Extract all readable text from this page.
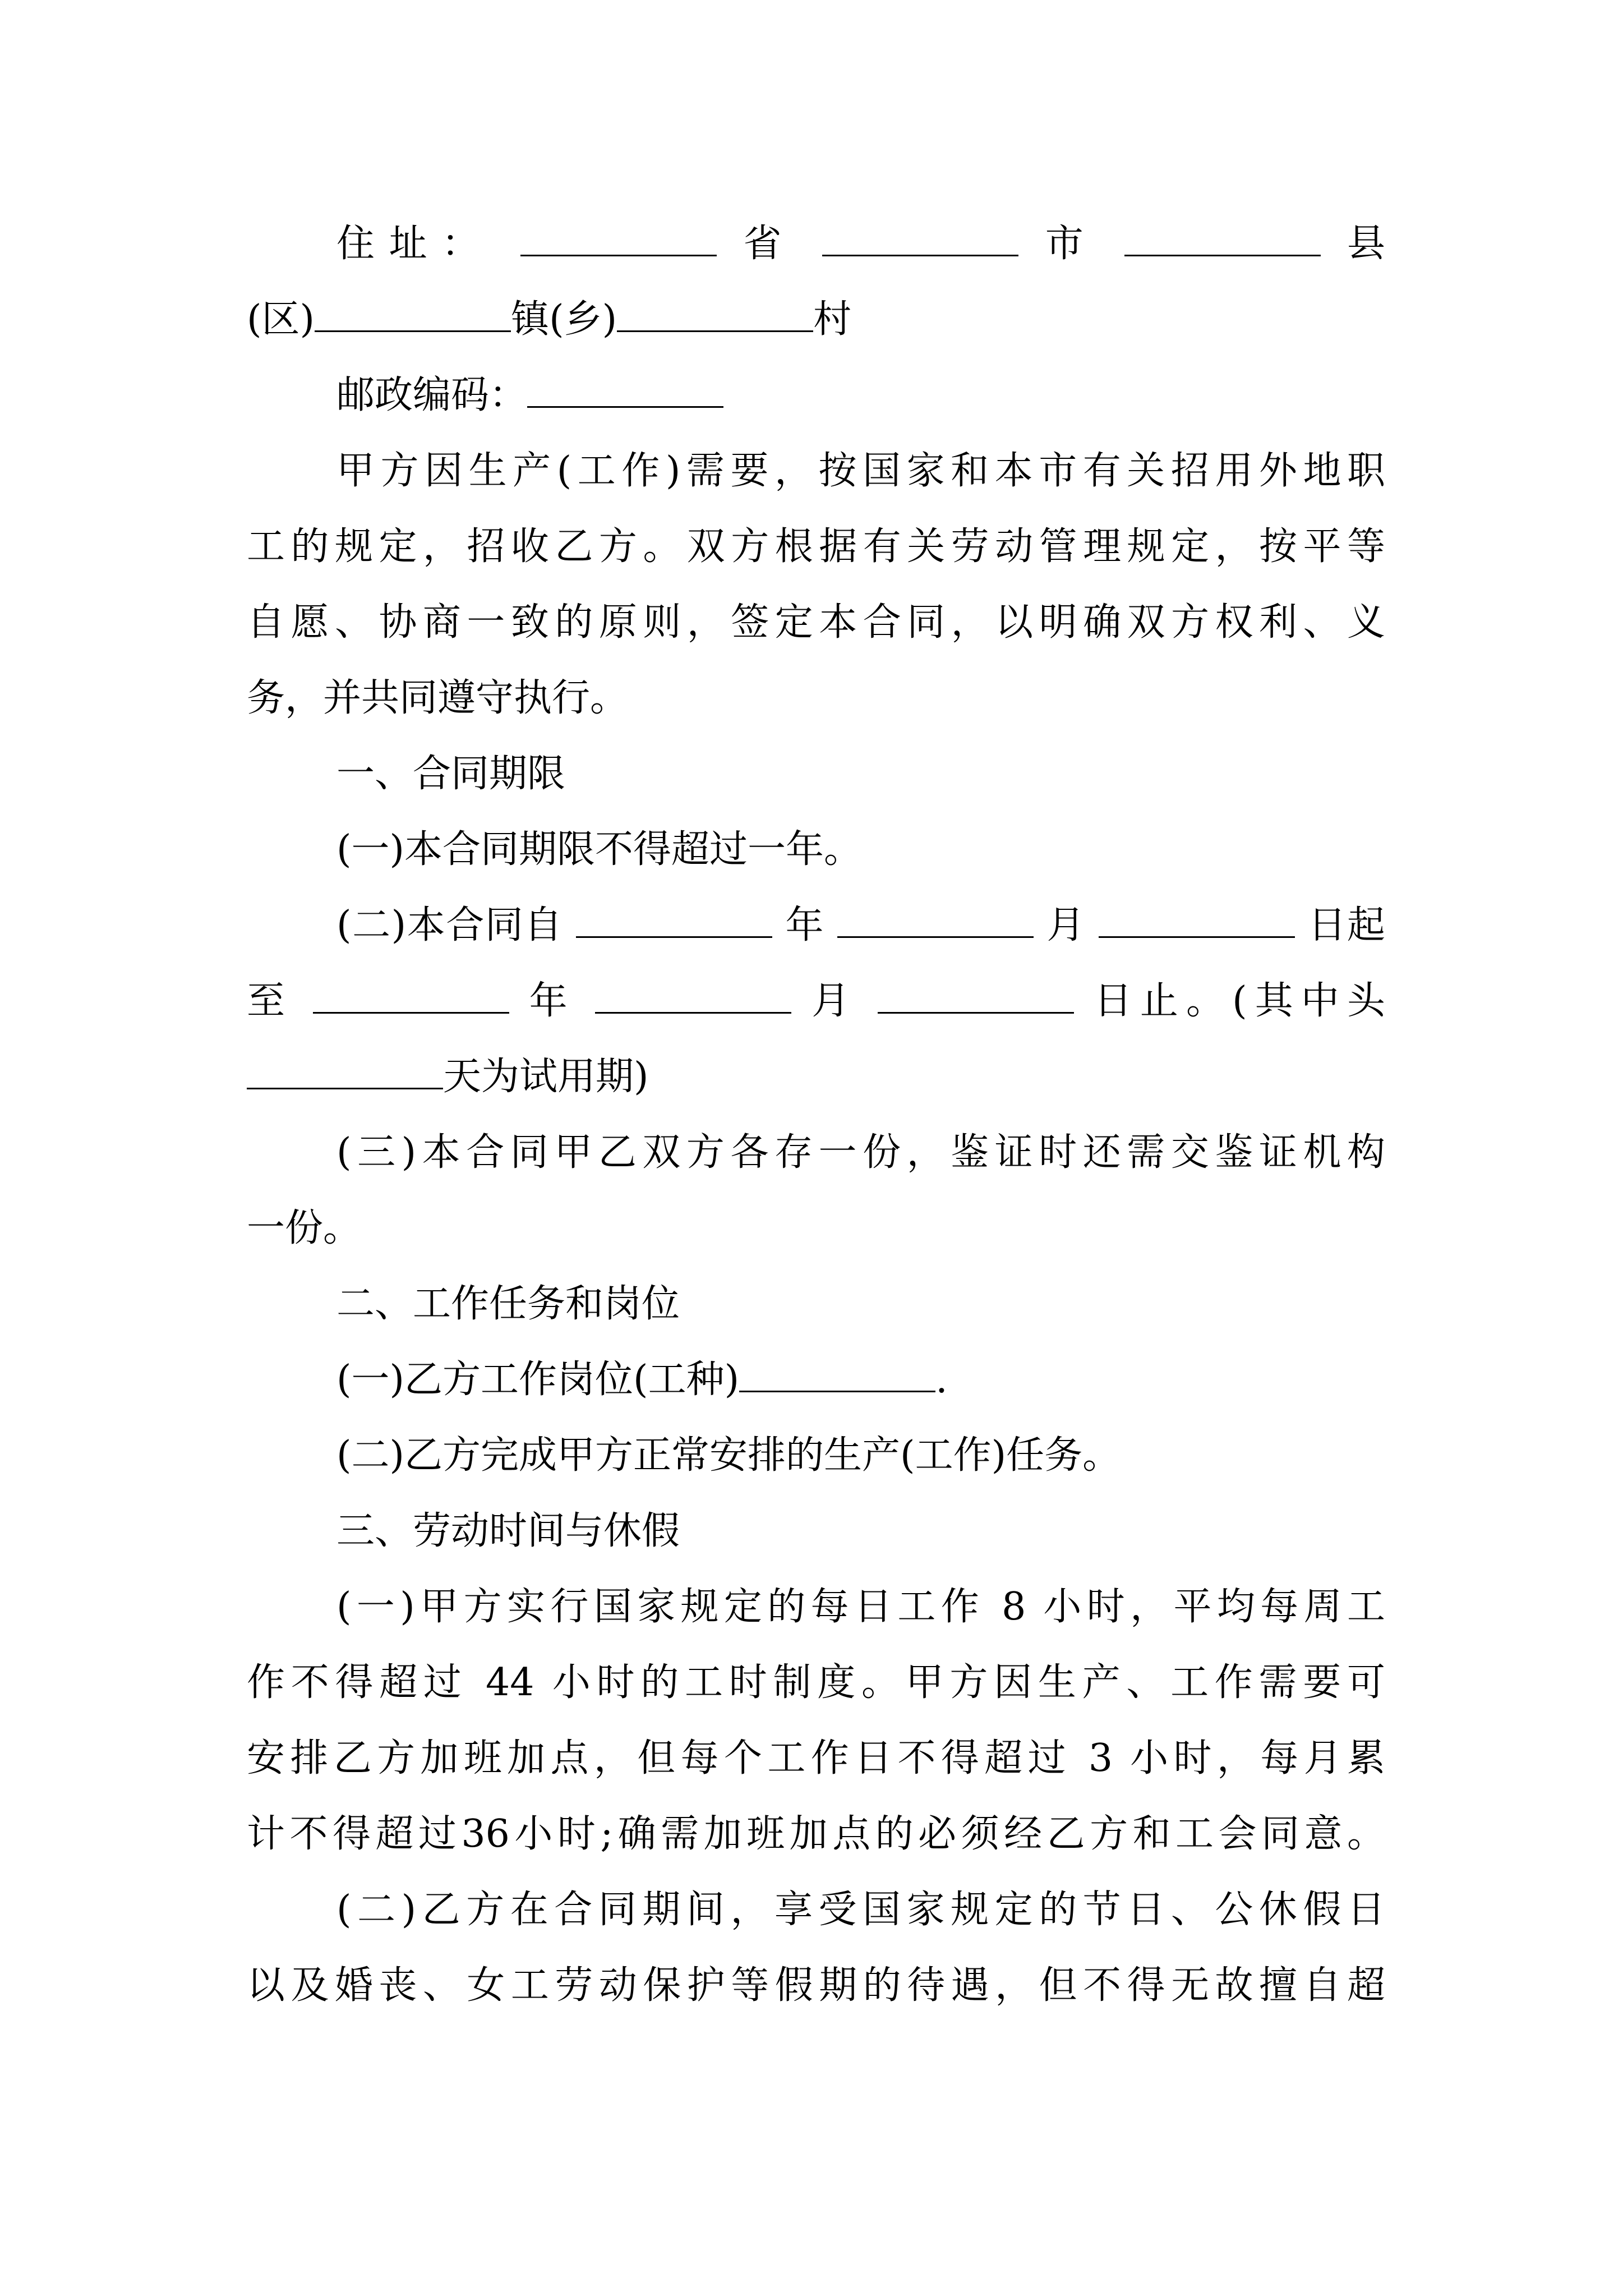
住址：	省	市	县
(区)	镇(乡)	村
邮政编码：
甲方因生产(工作)需要，按国家和本市有关招用外地职
工的规定，招收乙方。双方根据有关劳动管理规定，按平等
自愿、协商一致的原则，签定本合同，以明确双方权利、义
务，并共同遵守执行。
一、合同期限
(一)本合同期限不得超过一年。
(二)本合同自	年	月	日起
至	年	月	日止。(其中头
天为试用期)
(三)本合同甲乙双方各存一份，鉴证时还需交鉴证机构
一份。
二、工作任务和岗位
(一)乙方工作岗位(工种)	.
(二)乙方完成甲方正常安排的生产(工作)任务。
三、劳动时间与休假
(一)甲方实行国家规定的每日工作 8 小时，平均每周工
作不得超过 44 小时的工时制度。甲方因生产、工作需要可
安排乙方加班加点，但每个工作日不得超过 3 小时，每月累
计不得超过36小时;确需加班加点的必须经乙方和工会同意。
(二)乙方在合同期间，享受国家规定的节日、公休假日
以及婚丧、女工劳动保护等假期的待遇，但不得无故擅自超
